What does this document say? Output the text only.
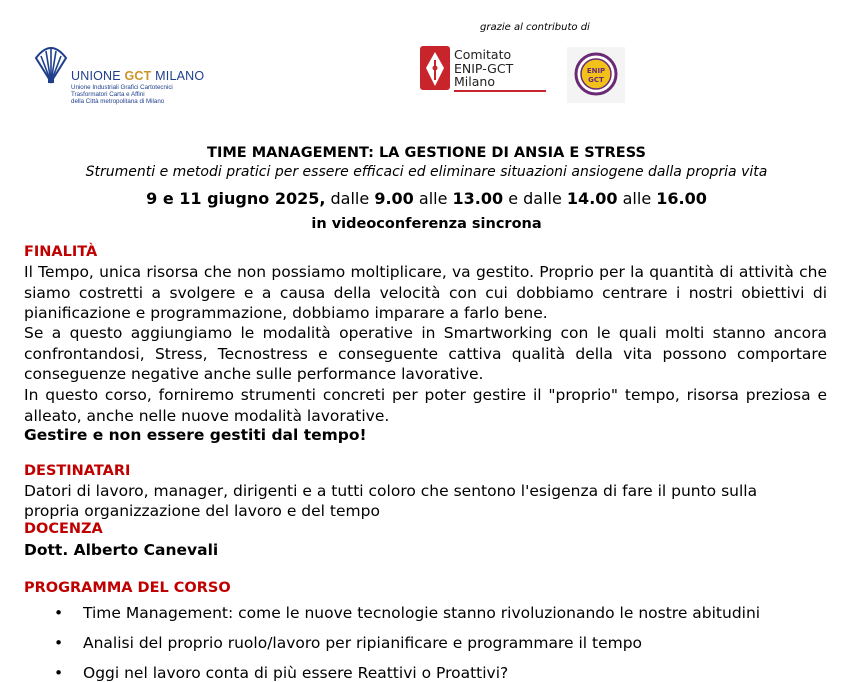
UNIONE GCT MILANO
Unione Industriali Grafici Cartotecnici
Trasformatori Carta e Affini
della Città metropolitana di Milano
grazie al contributo di
Comitato
ENIP-GCT
Milano
ENIP
GCT
TIME MANAGEMENT: LA GESTIONE DI ANSIA E STRESS
Strumenti e metodi pratici per essere efficaci ed eliminare situazioni ansiogene dalla propria vita
9 e 11 giugno 2025, dalle 9.00 alle 13.00 e dalle 14.00 alle 16.00
in videoconferenza sincrona
FINALITÀ
Il Tempo, unica risorsa che non possiamo moltiplicare, va gestito. Proprio per la quantità di attività che siamo costretti a svolgere e a causa della velocità con cui dobbiamo centrare i nostri obiettivi di pianificazione e programmazione, dobbiamo imparare a farlo bene.
Se a questo aggiungiamo le modalità operative in Smartworking con le quali molti stanno ancora confrontandosi, Stress, Tecnostress e conseguente cattiva qualità della vita possono comportare conseguenze negative anche sulle performance lavorative.
In questo corso, forniremo strumenti concreti per poter gestire il "proprio" tempo, risorsa preziosa e alleato, anche nelle nuove modalità lavorative.
Gestire e non essere gestiti dal tempo!
DESTINATARI
Datori di lavoro, manager, dirigenti e a tutti coloro che sentono l'esigenza di fare il punto sulla
propria organizzazione del lavoro e del tempo
DOCENZA
Dott. Alberto Canevali
PROGRAMMA DEL CORSO
• Time Management: come le nuove tecnologie stanno rivoluzionando le nostre abitudini
• Analisi del proprio ruolo/lavoro per ripianificare e programmare il tempo
• Oggi nel lavoro conta di più essere Reattivi o Proattivi?
